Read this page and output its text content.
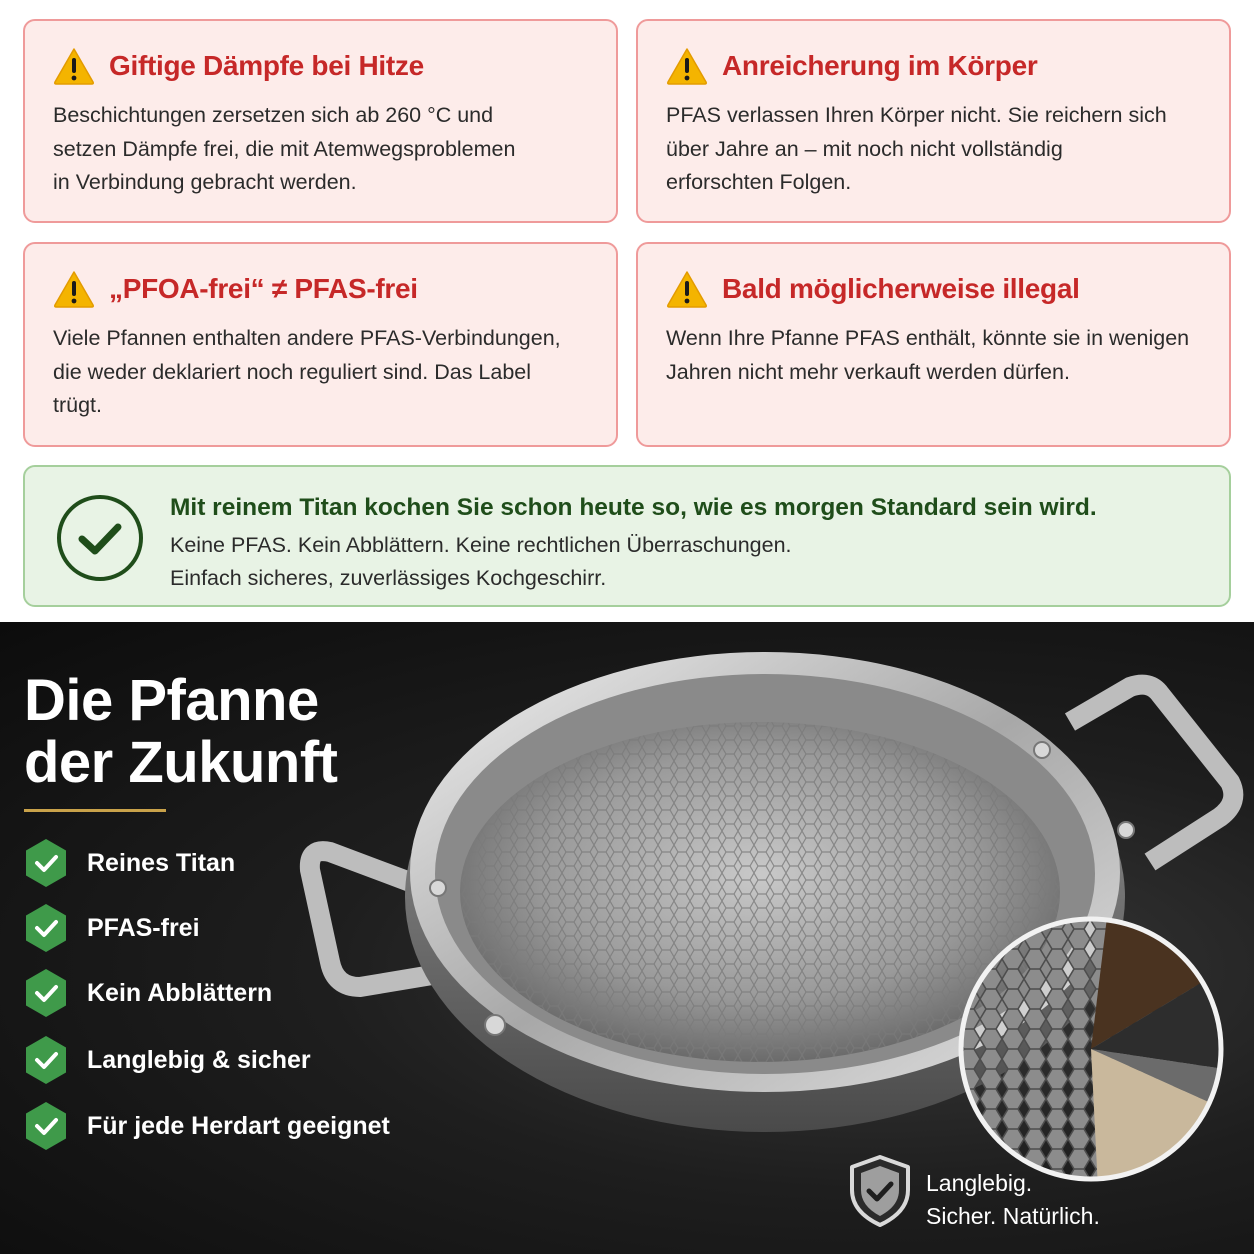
Giftige Dämpfe bei Hitze
Beschichtungen zersetzen sich ab 260 °C und
setzen Dämpfe frei, die mit Atemwegsproblemen
in Verbindung gebracht werden.
Anreicherung im Körper
PFAS verlassen Ihren Körper nicht. Sie reichern sich
über Jahre an – mit noch nicht vollständig
erforschten Folgen.
„PFOA-frei“ ≠ PFAS-frei
Viele Pfannen enthalten andere PFAS-Verbindungen,
die weder deklariert noch reguliert sind. Das Label
trügt.
Bald möglicherweise illegal
Wenn Ihre Pfanne PFAS enthält, könnte sie in wenigen
Jahren nicht mehr verkauft werden dürfen.
Mit reinem Titan kochen Sie schon heute so, wie es morgen Standard sein wird.
Keine PFAS. Kein Abblättern. Keine rechtlichen Überraschungen.
Einfach sicheres, zuverlässiges Kochgeschirr.
Die Pfanne
der Zukunft
Reines Titan
PFAS-frei
Kein Abblättern
Langlebig & sicher
Für jede Herdart geeignet
Langlebig.
Sicher. Natürlich.
